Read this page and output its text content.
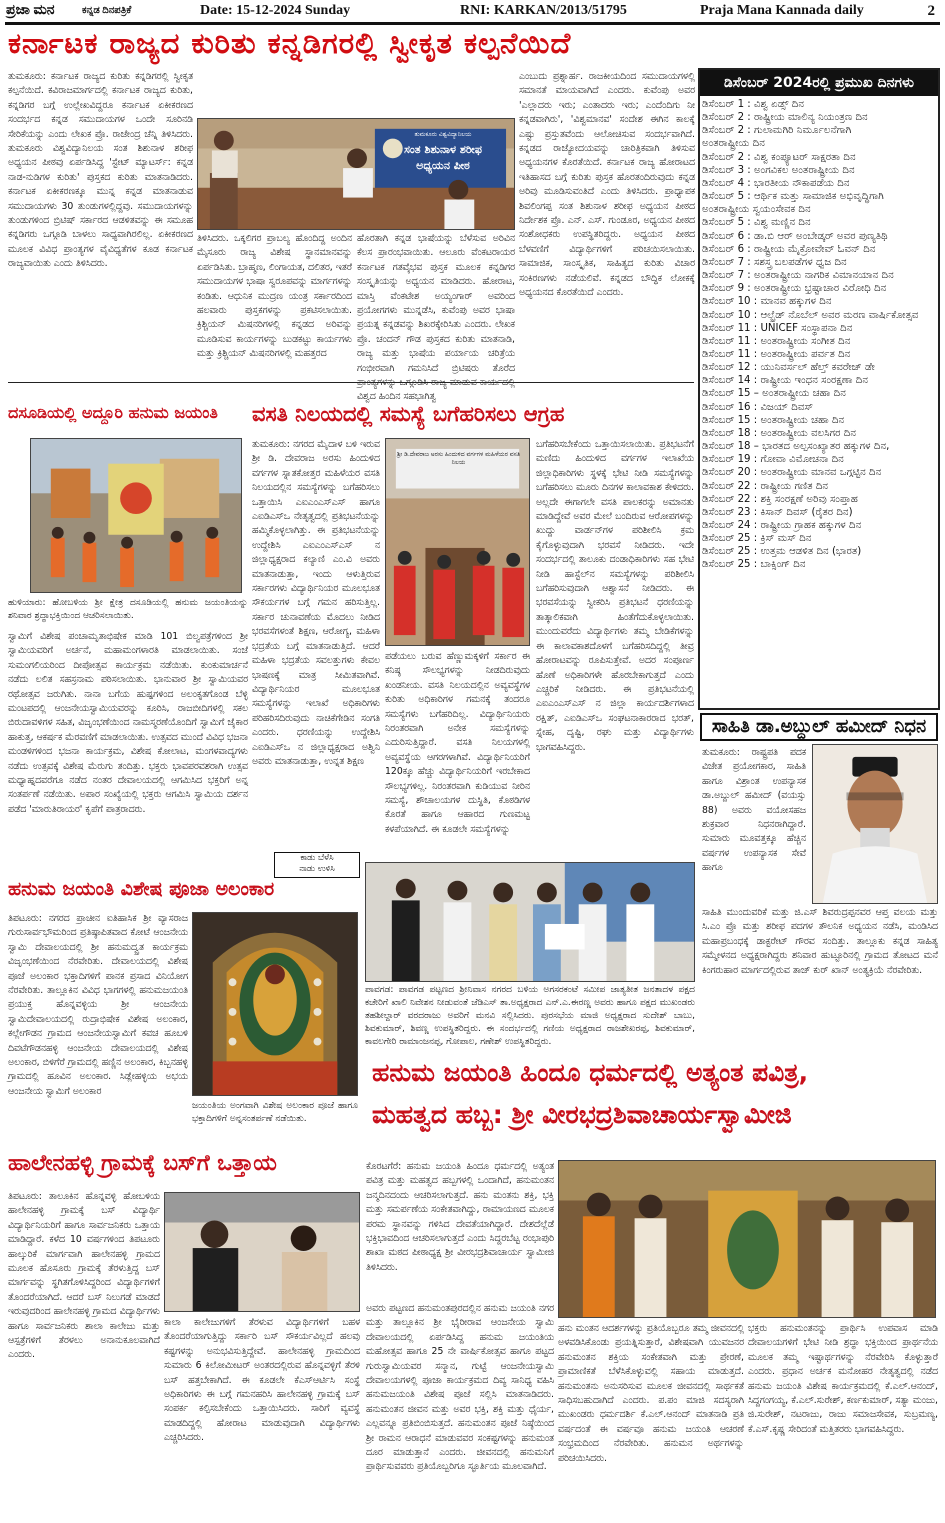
ಪ್ರಜಾ ಮನ	ಕನ್ನಡ ದಿನಪತ್ರಿಕೆ	Date: 15-12-2024 Sunday	RNI: KARKAN/2013/51795	Praja Mana Kannada daily	2
ಕರ್ನಾಟಕ ರಾಜ್ಯದ ಕುರಿತು ಕನ್ನಡಿಗರಲ್ಲಿ ಸ್ವೀಕೃತ ಕಲ್ಪನೆಯಿದೆ
ತುಮಕೂರು: ಕರ್ನಾಟಕ ರಾಜ್ಯದ ಕುರಿತು ಕನ್ನಡಿಗರಲ್ಲಿ ಸ್ವೀಕೃತ ಕಲ್ಪನೆಯಿದೆ. ಕವಿರಾಜಮಾರ್ಗದಲ್ಲಿ ಕರ್ನಾಟಕ ರಾಜ್ಯದ ಕುರಿತು, ಕನ್ನಡಿಗರ ಬಗ್ಗೆ ಉಲ್ಲೇಖವಿದ್ದರೂ ಕರ್ನಾಟಕ ಏಕೀಕರಣದ ಸಂದರ್ಭದ ಕನ್ನಡ ಸಮುದಾಯಗಳ ಒಂದೇ ಸೂರಿನಡಿ ಸೇರಿಕೆಯನ್ನು ಎಂದು ಲೇಖಕ ಪ್ರೊ. ರಾಜೇಂದ್ರ ಚೆನ್ನಿ ತಿಳಿಸಿದರು. ತುಮಕೂರು ವಿಶ್ವವಿದ್ಯಾನಿಲಯ ಸಂತ ಶಿಶುನಾಳ ಶರೀಫ ಅಧ್ಯಯನ ಪೀಠವು ಏರ್ಪಡಿಸಿದ್ದ 'ಸ್ಟೇಟ್ ಮ್ಯಾಟರ್ಸ್: ಕನ್ನಡ ನಾಡ-ನುಡಿಗಳ ಕುರಿತು' ಪುಸ್ತಕದ ಕುರಿತು ಮಾತನಾಡಿದರು. ಕರ್ನಾಟಕ ಏಕೀಕರಣಕ್ಕೂ ಮುನ್ನ ಕನ್ನಡ ಮಾತನಾಡುವ ಸಮುದಾಯಗಳು 30 ತುಂಡುಗಳಲ್ಲಿದ್ದವು. ಸಮುದಾಯಗಳನ್ನು ತುಂಡುಗಳಿಂದ ಬ್ರಿಟಿಷ್ ಸರ್ಕಾರದ ಆಡಳಿತವನ್ನು ಈ ಸಮೂಹ ಕನ್ನಡಿಗರು ಒಗ್ಗೂಡಿ ಬಾಳಲು ಸಾಧ್ಯವಾಗಿರಲಿಲ್ಲ. ಏಕೀಕರಣದ ಮೂಲಕ ವಿವಿಧ ಪ್ರಾಂತ್ಯಗಳ ವೈವಿಧ್ಯತೆಗಳ ಕೂಡ ಕರ್ನಾಟಕ ರಾಜ್ಯವಾಯಿತು ಎಂದು ತಿಳಿಸಿದರು.
ತುಮಕೂರು ವಿಶ್ವವಿದ್ಯಾನಿಲಯ
ಸಂತ ಶಿಶುನಾಳ ಶರೀಫ
ಅಧ್ಯಯನ ಪೀಠ
ತಿಳಿಸಿದರು. ಒಕ್ಕಲಿಗರ ಪ್ರಾಬಲ್ಯ ಹೊಂದಿದ್ದ ಅಂದಿನ ಮೈಸೂರು ರಾಜ್ಯ ವಿಶೇಷ ಸ್ಥಾನಮಾನವನ್ನು ಏರ್ಪಡಿಸಿತು. ಬ್ರಾಹ್ಮಣ, ಲಿಂಗಾಯತ, ದಲಿತರ, ಇತರೆ ಸಮುದಾಯಗಳ ಭಾಷಾ ಸ್ವರೂಪವನ್ನು ಮಾರ್ಗಗಳನ್ನು ಕಂಡಿತು. ಆಧುನಿಕ ಮುದ್ರಣ ಯಂತ್ರ ಸರ್ಕಾರದಿಂದ ಹಲವಾರು ಪುಸ್ತಕಗಳನ್ನು ಪ್ರಕಟಿಸಲಾಯಿತು. ಕ್ರಿಶ್ಚಿಯನ್ ಮಿಷನರಿಗಳಲ್ಲಿ ಕನ್ನಡದ ಅರಿವನ್ನು ಮೂಡಿಸುವ ಕಾರ್ಯಗಳನ್ನು ಬುಡಕಟ್ಟು ಕಾರ್ಯಗಳು ಮತ್ತು ಕ್ರಿಶ್ಚಿಯನ್ ಮಿಷನರಿಗಳಲ್ಲಿ ಮಹತ್ತರದ
ಹೊರತಾಗಿ ಕನ್ನಡ ಭಾಷೆಯನ್ನು ಬೆಳೆಸುವ ಅರಿವಿನ ಕೆಲಸ ಪ್ರಾರಂಭವಾಯಿತು. ಆಲೂರು ವೆಂಕಟರಾಯರ ಕರ್ನಾಟಕ ಗತವೈಭವ ಪುಸ್ತಕ ಮೂಲಕ ಕನ್ನಡಿಗರ ಸಂಸ್ಕೃತಿಯನ್ನು ಅಧ್ಯಯನ ಮಾಡಿದರು. ಹೋರಾಟ, ಮಾಸ್ತಿ ವೆಂಕಟೇಶ ಅಯ್ಯಂಗಾರ್ ಅವರಿಂದ ಪ್ರಯೋಗಗಳು ಮುನ್ನಡೆಸಿ, ಕುವೆಂಪು ಅವರ ಭಾಷಾ ಪ್ರಯತ್ನ ಕನ್ನಡವನ್ನು ಶಿಖರಕ್ಕೇರಿಸಿತು ಎಂದರು. ಲೇಖಕ ಪ್ರೊ. ಚಂದನ್ ಗೌಡ ಪುಸ್ತಕದ ಕುರಿತು ಮಾತನಾಡಿ, ರಾಜ್ಯ ಮತ್ತು ಭಾಷೆಯ ಪರ್ಯಾಯ ಚರಿತ್ರೆಯ ಗಂಭೀರವಾಗಿ ಗಮನಿಸಿದೆ ಬ್ರಿಟಿಷರು ತೊರೆದ ವಿಶ್ವದ ಹಿಂದಿನ ಸಹಭಾಗಿತ್ವ
ಎಂಬುದು ಪ್ರಶ್ನಾರ್ಹ. ರಾಜಕೀಯದಿಂದ ಸಮುದಾಯಗಳಲ್ಲಿ ಸಮಾನತೆ ಮಾಯವಾಗಿದೆ ಎಂದರು. ಕುವೆಂಪು ಅವರ 'ಎಲ್ಲಾದರು ಇರು; ಎಂತಾದರು ಇರು; ಎಂದೆಂದಿಗು ನೀ ಕನ್ನಡವಾಗಿರು', 'ವಿಶ್ವಮಾನವ' ಸಂದೇಶ ಈಗಿನ ಕಾಲಕ್ಕೆ ಎಷ್ಟು ಪ್ರಸ್ತುತವೆಂದು ಆಲೋಚಿಸುವ ಸಂದರ್ಭವಾಗಿದೆ. ಕನ್ನಡದ ರಾಜ್ಯೋದಯವನ್ನು ಚಾರಿತ್ರಿಕವಾಗಿ ತಿಳಿಸುವ ಅಧ್ಯಯನಗಳ ಕೊರತೆಯಿದೆ. ಕರ್ನಾಟಕ ರಾಜ್ಯ ಹೋರಾಟದ ಇತಿಹಾಸದ ಬಗ್ಗೆ ಕುರಿತು ಪುಸ್ತಕ ಹೊರತಂದಿರುವುದು ಕನ್ನಡ ಅರಿವು ಮೂಡಿಸುವಂತಿದೆ ಎಂದು ತಿಳಿಸಿದರು. ಪ್ರಾಧ್ಯಾಪಕ ಶಿವಲಿಂಗಪ್ಪ ಸಂತ ಶಿಶುನಾಳ ಶರೀಫ ಅಧ್ಯಯನ ಪೀಠದ ನಿರ್ದೇಶಕ ಪ್ರೊ. ಎನ್. ಎಸ್. ಗುಂಡೂರ, ಅಧ್ಯಯನ ಪೀಠದ ಸಂಶೋಧಕರು ಉಪಸ್ಥಿತರಿದ್ದರು. ಅಧ್ಯಯನ ಪೀಠದ ಬೆಳವಣಿಗೆ ವಿದ್ಯಾರ್ಥಿಗಳಿಗೆ ಪರಿಚಯಿಸಲಾಯಿತು. ಸಾಮಾಜಿಕ, ಸಾಂಸ್ಕೃತಿಕ, ಸಾಹಿತ್ಯದ ಕುರಿತು ವಿಚಾರ ಸಂಕಿರಣಗಳು ನಡೆಯಲಿವೆ. ಕನ್ನಡದ ಬೌದ್ಧಿಕ ಲೋಕಕ್ಕೆ ಅಧ್ಯಯನದ ಕೊರತೆಯಿದೆ ಎಂದರು.
ಡಿಸೆಂಬರ್ 2024ರಲ್ಲಿ ಪ್ರಮುಖ ದಿನಗಳು
ಡಿಸೆಂಬರ್ 1 : ವಿಶ್ವ ಏಡ್ಸ್ ದಿನ
ಡಿಸೆಂಬರ್ 2 : ರಾಷ್ಟ್ರೀಯ ಮಾಲಿನ್ಯ ನಿಯಂತ್ರಣ ದಿನ
ಡಿಸೆಂಬರ್ 2 : ಗುಲಾಮಗಿರಿ ನಿರ್ಮೂಲನೆಗಾಗಿ
ಅಂತರಾಷ್ಟ್ರೀಯ ದಿನ
ಡಿಸೆಂಬರ್ 2 : ವಿಶ್ವ ಕಂಪ್ಯೂಟರ್ ಸಾಕ್ಷರತಾ ದಿನ
ಡಿಸೆಂಬರ್ 3 : ಅಂಗವಿಕಲ ಅಂತರಾಷ್ಟ್ರೀಯ ದಿನ
ಡಿಸೆಂಬರ್ 4 : ಭಾರತೀಯ ನೌಕಾಪಡೆಯ ದಿನ
ಡಿಸೆಂಬರ್ 5 : ಆರ್ಥಿಕ ಮತ್ತು ಸಾಮಾಜಿಕ ಅಭಿವೃದ್ಧಿಗಾಗಿ
ಅಂತರಾಷ್ಟ್ರೀಯ ಸ್ವಯಂಸೇವಕ ದಿನ
ಡಿಸೆಂಬರ್ 5 : ವಿಶ್ವ ಮಣ್ಣಿನ ದಿನ
ಡಿಸೆಂಬರ್ 6 : ಡಾ.ಬಿ ಆರ್ ಅಂಬೇಡ್ಕರ್ ಅವರ ಪುಣ್ಯತಿಥಿ
ಡಿಸೆಂಬರ್ 6 : ರಾಷ್ಟ್ರೀಯ ಮೈಕ್ರೋವೇವ್ ಓವನ್ ದಿನ
ಡಿಸೆಂಬರ್ 7 : ಸಶಸ್ತ್ರ ಬಲಪಡೆಗಳ ಧ್ವಜ ದಿನ
ಡಿಸೆಂಬರ್ 7 : ಅಂತರಾಷ್ಟ್ರೀಯ ನಾಗರಿಕ ವಿಮಾನಯಾನ ದಿನ
ಡಿಸೆಂಬರ್ 9 : ಅಂತರಾಷ್ಟ್ರೀಯ ಭ್ರಷ್ಟಾಚಾರ ವಿರೋಧಿ ದಿನ
ಡಿಸೆಂಬರ್ 10 : ಮಾನವ ಹಕ್ಕುಗಳ ದಿನ
ಡಿಸೆಂಬರ್ 10 : ಆಲ್ಫ್ರೆಡ್ ನೊಬೆಲ್ ಅವರ ಮರಣ ವಾರ್ಷಿಕೋತ್ಸವ
ಡಿಸೆಂಬರ್ 11 : UNICEF ಸಂಸ್ಥಾಪನಾ ದಿನ
ಡಿಸೆಂಬರ್ 11 : ಅಂತರಾಷ್ಟ್ರೀಯ ಸಂಗೀತ ದಿನ
ಡಿಸೆಂಬರ್ 11 : ಅಂತರಾಷ್ಟ್ರೀಯ ಪರ್ವತ ದಿನ
ಡಿಸೆಂಬರ್ 12 : ಯುನಿವರ್ಸಲ್ ಹೆಲ್ತ್ ಕವರೇಜ್ ಡೇ
ಡಿಸೆಂಬರ್ 14 : ರಾಷ್ಟ್ರೀಯ ಇಂಧನ ಸಂರಕ್ಷಣಾ ದಿನ
ಡಿಸೆಂಬರ್ 15 – ಅಂತರಾಷ್ಟ್ರೀಯ ಚಹಾ ದಿನ
ಡಿಸೆಂಬರ್ 16 : ವಿಜಯ್ ದಿವಸ್
ಡಿಸೆಂಬರ್ 15 : ಅಂತರಾಷ್ಟ್ರೀಯ ಚಹಾ ದಿನ
ಡಿಸೆಂಬರ್ 18 : ಅಂತರಾಷ್ಟ್ರೀಯ ವಲಸಿಗರ ದಿನ
ಡಿಸೆಂಬರ್ 18 – ಭಾರತದ ಅಲ್ಪಸಂಖ್ಯಾತರ ಹಕ್ಕುಗಳ ದಿನ,
ಡಿಸೆಂಬರ್ 19 : ಗೋವಾ ವಿಮೋಚನಾ ದಿನ
ಡಿಸೆಂಬರ್ 20 : ಅಂತರಾಷ್ಟ್ರೀಯ ಮಾನವ ಒಗ್ಗಟ್ಟಿನ ದಿನ
ಡಿಸೆಂಬರ್ 22 : ರಾಷ್ಟ್ರೀಯ ಗಣಿತ ದಿನ
ಡಿಸೆಂಬರ್ 22 : ಶಕ್ತಿ ಸಂರಕ್ಷಣೆ ಅರಿವು ಸಂಪ್ತಾಹ
ಡಿಸೆಂಬರ್ 23 : ಕಿಸಾನ್ ದಿವಸ್ (ರೈತರ ದಿನ)
ಡಿಸೆಂಬರ್ 24 : ರಾಷ್ಟ್ರೀಯ ಗ್ರಾಹಕ ಹಕ್ಕುಗಳ ದಿನ
ಡಿಸೆಂಬರ್ 25 : ಕ್ರಿಸ್ ಮಸ್ ದಿನ
ಡಿಸೆಂಬರ್ 25 : ಉತ್ತಮ ಆಡಳಿತ ದಿನ (ಭಾರತ)
ಡಿಸೆಂಬರ್ 25 : ಬಾಕ್ಸಿಂಗ್ ದಿನ
ಸಾಹಿತಿ ಡಾ.ಅಬ್ದುಲ್ ಹಮೀದ್ ನಿಧನ
ತುಮಕೂರು: ರಾಷ್ಟ್ರಪತಿ ಪದಕ ವಿಜೇತ ಪ್ರಯೋಗಕಾರ, ಸಾಹಿತಿ ಹಾಗೂ ವಿಶ್ರಾಂತ ಉಪನ್ಯಾಸಕ ಡಾ.ಅಬ್ದುಲ್ ಹಮೀದ್ (ವಯಸ್ಸು 88) ಅವರು ವಯೋಸಹಜ ಶುಕ್ರವಾರ ನಿಧನರಾಗಿದ್ದಾರೆ. ಸುಮಾರು ಮೂವತ್ತಕ್ಕೂ ಹೆಚ್ಚಿನ ವರ್ಷಗಳ ಉಪನ್ಯಾಸಕ ಸೇವೆ ಹಾಗೂ
ಸಾಹಿತಿ ಮುಂದುವರಿಕೆ ಮತ್ತು ಜಿ.ಎಸ್ ಶಿವರುದ್ರಪ್ಪನವರ ಆಪ್ತ ವಲಯ ಮತ್ತು ಸಿ.ಎಂ ಪ್ರೊ ಮತ್ತು ಶರೀಫ ಪದಗಳ ತೌಲನಿಕ ಅಧ್ಯಯನ ನಡೆಸಿ, ಮಂಡಿಸಿದ ಮಹಾಪ್ರಬಂಧಕ್ಕೆ ಡಾಕ್ಟರೇಟ್ ಗೌರವ ಸಂದಿತ್ತು. ತಾಲ್ಲೂಕು ಕನ್ನಡ ಸಾಹಿತ್ಯ ಸಮ್ಮೇಳನದ ಅಧ್ಯಕ್ಷರಾಗಿದ್ದರು ಶನಿವಾರ ಹುಟ್ಟೂರಿನಲ್ಲಿ ಗ್ರಾಮದ ತೋಟದ ಮನೆ ಕಿಂಗರುಹಾರ ಮಾರ್ಗದಲ್ಲಿರುವ ತಾಜ್ ಕುರ್ ಖಾನ್ ಅಂತ್ಯಕ್ರಿಯೆ ನೆರವೇರಿತು.
ದಸೂಡಿಯಲ್ಲಿ ಅದ್ದೂರಿ ಹನುಮ ಜಯಂತಿ
ಹುಳಿಯಾರು: ಹೋಬಳಿಯ ಶ್ರೀ ಕ್ಷೇತ್ರ ದಸೂಡಿಯಲ್ಲಿ ಹನುಮ ಜಯಂತಿಯನ್ನು ಶನಿವಾರ ಶ್ರದ್ಧಾಭಕ್ತಿಯಿಂದ ಆಚರಿಸಲಾಯಿತು.
ಸ್ವಾಮಿಗೆ ವಿಶೇಷ ಪಂಚಾಮೃತಾಭಿಷೇಕ ಮಾಡಿ 101 ಬಿಲ್ವಪತ್ರೆಗಳಿಂದ ಶ್ರೀ ಸ್ವಾಮಿಯವರಿಗೆ ಅರ್ಚನೆ, ಮಹಾಮಂಗಳಾರತಿ ಮಾಡಲಾಯಿತು. ಸಂಜೆ ಸುಮಂಗಲಿಯರಿಂದ ದೀಪೋತ್ಸವ ಕಾರ್ಯಕ್ರಮ ನಡೆಯಿತು. ಕುಂಕುಮಾರ್ಚನೆ ನಡೆದು ಲಲಿತ ಸಹಸ್ರನಾಮ ಪಠಿಸಲಾಯಿತು. ಭಾನುವಾರ ಶ್ರೀ ಸ್ವಾಮಿಯವರ ರಥೋತ್ಸವ ಜರುಗಿತು. ನಾನಾ ಬಗೆಯ ಹುಷ್ಪಗಳಿಂದ ಅಲಂಕೃತಗೊಂಡ ಬೆಳ್ಳಿ ಮಂಟಪದಲ್ಲಿ ಆಂಜನೇಯಸ್ವಾಮಿಯವರನ್ನು ಕೂರಿಸಿ, ರಾಜಬೀದಿಗಳಲ್ಲಿ ಸಕಲ ಬಿರುದಾವಳಿಗಳ ಸಹಿತ, ವಿಜೃಂಭಣೆಯಿಂದ ನಾಮಸ್ಮರಣೆಯೊಂದಿಗೆ ಸ್ವಾಮಿಗೆ ಜೈಕಾರ ಹಾಕುತ್ತ, ಆಕರ್ಷಕ ಮೆರವಣಿಗೆ ಮಾಡಲಾಯಿತು. ಉತ್ಸವದ ಮುಂದೆ ವಿವಿಧ ಭಜನಾ ಮಂಡಳಿಗಳಿಂದ ಭಜನಾ ಕಾರ್ಯಕ್ರಮ, ವಿಶೇಷ ಕೋಲಾಟ, ಮಂಗಳವಾದ್ಯಗಳು ನಡೆದು ಉತ್ಸವಕ್ಕೆ ವಿಶೇಷ ಮೆರುಗು ತಂದಿತ್ತು. ಭಕ್ತರು ಭಾವಪರವಶರಾಗಿ ಉತ್ಸವ ಮಧ್ಯಾಹ್ನದವರೆಗೂ ನಡೆದ ನಂತರ ದೇವಾಲಯದಲ್ಲಿ ಆಗಮಿಸಿದ ಭಕ್ತರಿಗೆ ಅನ್ನ ಸಂತರ್ಪಣೆ ನಡೆಯಿತು. ಅಪಾರ ಸಂಖ್ಯೆಯಲ್ಲಿ ಭಕ್ತರು ಆಗಮಿಸಿ ಸ್ವಾಮಿಯ ದರ್ಶನ ಪಡೆದ 'ಮಾರುತಿರಾಯರ' ಕೃಪೆಗೆ ಪಾತ್ರರಾದರು.
ವಸತಿ ನಿಲಯದಲ್ಲಿ ಸಮಸ್ಯೆ ಬಗೆಹರಿಸಲು ಆಗ್ರಹ
ತುಮಕೂರು: ನಗರದ ಮೈದಾಳ ಬಳಿ ಇರುವ ಶ್ರೀ ಡಿ. ದೇವರಾಜ ಅರಸು ಹಿಂದುಳಿದ ವರ್ಗಗಳ ಸ್ನಾತಕೋತ್ತರ ಮಹಿಳೆಯರ ವಸತಿ ನಿಲಯದಲ್ಲಿನ ಸಮಸ್ಯೆಗಳನ್ನು ಬಗೆಹರಿಸಲು ಒತ್ತಾಯಿಸಿ ಎಐಎಂಎಸ್ಎಸ್ ಹಾಗೂ ಎಐಡಿಎಸ್‌ಒ ನೇತೃತ್ವದಲ್ಲಿ ಪ್ರತಿಭಟನೆಯನ್ನು ಹಮ್ಮಿಕೊಳ್ಳಲಾಗಿತ್ತು. ಈ ಪ್ರತಿಭಟನೆಯನ್ನು ಉದ್ದೇಶಿಸಿ ಎಐಎಂಎಸ್‌ಎಸ್ ನ ಜಿಲ್ಲಾಧ್ಯಕ್ಷರಾದ ಕಲ್ಯಾಣಿ ಎಂ.ವಿ ಅವರು ಮಾತನಾಡುತ್ತಾ, ಇಂದು ಆಳುತ್ತಿರುವ ಸರ್ಕಾರಗಳು ವಿದ್ಯಾರ್ಥಿನಿಯರ ಮೂಲಭೂತ ಸೌಕರ್ಯಗಳ ಬಗ್ಗೆ ಗಮನ ಹರಿಸುತ್ತಿಲ್ಲ. ಸರ್ಕಾರ ಚುನಾವಣೆಯ ಮೊದಲು ನೀಡಿದ ಭರವಸೆಗಳಂತೆ ಶಿಕ್ಷಣ, ಆರೋಗ್ಯ, ಮಹಿಳಾ ಭದ್ರತೆಯ ಬಗ್ಗೆ ಮಾತನಾಡುತ್ತಿದೆ. ಆದರೆ ಮಹಿಳಾ ಭದ್ರತೆಯ ಸವಲತ್ತುಗಳು ಕೇವಲ ಭಾಷಣಕ್ಕೆ ಮಾತ್ರ ಸೀಮಿತವಾಗಿವೆ. ವಿದ್ಯಾರ್ಥಿನಿಯರ ಮೂಲಭೂತ ಸಮಸ್ಯೆಗಳನ್ನು ಇಲಾಖೆ ಅಧಿಕಾರಿಗಳು ಪರಿಹರಿಸದಿರುವುದು ನಾಚಿಕೆಗೇಡಿನ ಸಂಗತಿ ಎಂದರು. ಧರಣಿಯನ್ನು ಉದ್ದೇಶಿಸಿ ಎಐಡಿಎಸ್‌ಒ ನ ಜಿಲ್ಲಾಧ್ಯಕ್ಷರಾದ ಅಶ್ವಿನಿ ಅವರು ಮಾತನಾಡುತ್ತಾ, ಉನ್ನತ ಶಿಕ್ಷಣ
ಶ್ರೀ ಡಿ.ದೇವರಾಜ ಅರಸು ಹಿಂದುಳಿದ ವರ್ಗಗಳ ಮಹಿಳೆಯರ ವಸತಿ ನಿಲಯ
ಪಡೆಯಲು ಬರುವ ಹೆಣ್ಣುಮಕ್ಕಳಿಗೆ ಸರ್ಕಾರ ಈ ಕನಿಷ್ಠ ಸೌಲಭ್ಯಗಳನ್ನು ನೀಡದಿರುವುದು ಖಂಡನೀಯ. ವಸತಿ ನಿಲಯದಲ್ಲಿನ ಅವ್ಯವಸ್ಥೆಗಳ ಕುರಿತು ಅಧಿಕಾರಿಗಳ ಗಮನಕ್ಕೆ ತಂದರೂ ಸಮಸ್ಯೆಗಳು ಬಗೆಹರಿದಿಲ್ಲ. ವಿದ್ಯಾರ್ಥಿನಿಯರು ನಿರಂತರವಾಗಿ ಅನೇಕ ಸಮಸ್ಯೆಗಳನ್ನು ಎದುರಿಸುತ್ತಿದ್ದಾರೆ. ವಸತಿ ನಿಲಯಗಳಲ್ಲಿ ಅವ್ಯವಸ್ಥೆಯ ಆಗರಗಳಾಗಿವೆ. ವಿದ್ಯಾರ್ಥಿನಿಯರಿಗೆ 120ಕ್ಕೂ ಹೆಚ್ಚು ವಿದ್ಯಾರ್ಥಿನಿಯರಿಗೆ ಇರಬೇಕಾದ ಸೌಲಭ್ಯಗಳಿಲ್ಲ. ನಿರಂತರವಾಗಿ ಕುಡಿಯುವ ನೀರಿನ ಸಮಸ್ಯೆ, ಶೌಚಾಲಯಗಳ ದುಸ್ಥಿತಿ, ಕೊಠಡಿಗಳ ಕೊರತೆ ಹಾಗೂ ಆಹಾರದ ಗುಣಮಟ್ಟ ಕಳಪೆಯಾಗಿದೆ. ಈ ಕೂಡಲೇ ಸಮಸ್ಯೆಗಳನ್ನು
ಬಗೆಹರಿಸಬೇಕೆಂದು ಒತ್ತಾಯಿಸಲಾಯಿತು. ಪ್ರತಿಭಟನೆಗೆ ಮಣಿದು ಹಿಂದುಳಿದ ವರ್ಗಗಳ ಇಲಾಖೆಯ ಜಿಲ್ಲಾಧಿಕಾರಿಗಳು ಸ್ಥಳಕ್ಕೆ ಭೇಟಿ ನೀಡಿ ಸಮಸ್ಯೆಗಳನ್ನು ಬಗೆಹರಿಸಲು ಮೂರು ದಿನಗಳ ಕಾಲಾವಕಾಶ ಕೇಳಿದರು. ಅಲ್ಲದೇ ಈಗಾಗಲೇ ವಸತಿ ಪಾಲಕರನ್ನು ಅಮಾನತು ಮಾಡಿದ್ದೇವೆ ಅವರ ಮೇಲೆ ಬಂದಿರುವ ಆರೋಪಗಳನ್ನು ಖುದ್ದು ವಾರ್ಡನ್‌ಗಳ ಪರಿಶೀಲಿಸಿ ಕ್ರಮ ಕೈಗೊಳ್ಳುವುದಾಗಿ ಭರವಸೆ ನೀಡಿದರು. ಇದೇ ಸಂದರ್ಭದಲ್ಲಿ ತಾಲೂಕು ದಂಡಾಧಿಕಾರಿಗಳು ಸಹ ಭೇಟಿ ನೀಡಿ ಹಾಸ್ಟೆಲ್‌ನ ಸಮಸ್ಯೆಗಳನ್ನು ಪರಿಶೀಲಿಸಿ ಬಗೆಹರಿಸುವುದಾಗಿ ಆಶ್ವಾಸನೆ ನೀಡಿದರು. ಈ ಭರವಸೆಯನ್ನು ಸ್ವೀಕರಿಸಿ ಪ್ರತಿಭಟನೆ ಧರಣಿಯನ್ನು ತಾತ್ಕಾಲಿಕವಾಗಿ ಹಿಂತೆಗೆದುಕೊಳ್ಳಲಾಯಿತು. ಮುಂದುವರೆದು ವಿದ್ಯಾರ್ಥಿಗಳು ತಮ್ಮ ಬೇಡಿಕೆಗಳನ್ನು ಈ ಕಾಲಾವಕಾಶದೊಳಗೆ ಬಗೆಹರಿಸದಿದ್ದಲ್ಲಿ ತೀವ್ರ ಹೋರಾಟವನ್ನು ರೂಪಿಸುತ್ತೇವೆ. ಅದರ ಸಂಪೂರ್ಣ ಹೊಣೆ ಅಧಿಕಾರಿಗಳೇ ಹೊರಬೇಕಾಗುತ್ತದೆ ಎಂದು ಎಚ್ಚರಿಕೆ ನೀಡಿದರು. ಈ ಪ್ರತಿಭಟನೆಯಲ್ಲಿ ಎಐಎಂಎಸ್‌ಎಸ್ ನ ಜಿಲ್ಲಾ ಕಾರ್ಯದರ್ಶಿಗಳಾದ ರಕ್ಷಿತ್, ಎಐಡಿಎಸ್‌ಒ ಸಂಘಟನಾಕಾರರಾದ ಭರತ್, ಸ್ನೇಹ, ದೃಷ್ಟಿ, ರಘು ಮತ್ತು ವಿದ್ಯಾರ್ಥಿಗಳು ಭಾಗವಹಿಸಿದ್ದರು.
ಕಾಡು ಬೆಳೆಸಿ
ನಾಡು ಉಳಿಸಿ
ಹನುಮ ಜಯಂತಿ ವಿಶೇಷ ಪೂಜಾ ಅಲಂಕಾರ
ತಿಪಟೂರು: ನಗರದ ಪ್ರಾಚೀನ ಐತಿಹಾಸಿಕ ಶ್ರೀ ವ್ಯಾಸರಾಜ ಗುರುಸಾರ್ವಭೌಮರಿಂದ ಪ್ರತಿಷ್ಠಾಪಿತವಾದ ಕೋಟೆ ಆಂಜನೇಯ ಸ್ವಾಮಿ ದೇವಾಲಯದಲ್ಲಿ ಶ್ರೀ ಹನುಮದ್ವ್ರತ ಕಾರ್ಯಕ್ರಮ ವಿಜೃಂಭಣೆಯಿಂದ ನೆರವೇರಿತು. ದೇವಾಲಯದಲ್ಲಿ ವಿಶೇಷ ಪೂಜೆ ಅಲಂಕಾರ ಭಕ್ತಾದಿಗಳಿಗೆ ಪಾನಕ ಪ್ರಸಾದ ವಿನಿಯೋಗ ನೆರವೇರಿತು. ತಾಲ್ಲೂಕಿನ ವಿವಿಧ ಭಾಗಗಳಲ್ಲಿ ಹನುಮಜಯಂತಿ ಪ್ರಯುಕ್ತ ಹೊನ್ನವಳ್ಳಿಯ ಶ್ರೀ ಆಂಜನೇಯ ಸ್ವಾಮಿದೇವಾಲಯದಲ್ಲಿ ರುದ್ರಾಭಿಷೇಕ ವಿಶೇಷ ಅಲಂಕಾರ, ಕಲ್ಲೇಗೌಡನ ಗ್ರಾಮದ ಆಂಜನೇಯಸ್ವಾಮಿಗೆ ಕವಚ ಹೂಬಳಿ ದಿವಟೆಗೌಡನಹಳ್ಳಿ ಆಂಜನೇಯ ದೇವಾಲಯದಲ್ಲಿ ವಿಶೇಷ ಅಲಂಕಾರ, ಬಿಳಿಗೆರೆ ಗ್ರಾಮದಲ್ಲಿ ಹಣ್ಣಿನ ಅಲಂಕಾರ, ಕಿಬ್ಬನಹಳ್ಳಿ ಗ್ರಾಮದಲ್ಲಿ ಹೂವಿನ ಅಲಂಕಾರ. ಸಿಡ್ಲೇಹಳ್ಳಿಯ ಅಭಯ ಆಂಜನೇಯ ಸ್ವಾಮಿಗೆ ಅಲಂಕಾರ
ಜಯಂತಿಯ ಅಂಗವಾಗಿ ವಿಶೇಷ ಅಲಂಕಾರ ಪೂಜೆ ಹಾಗೂ ಭಕ್ತಾದಿಗಳಿಗೆ ಅನ್ನಸಂತರ್ಪಣೆ ನಡೆಯಿತು.
ಪಾವಗಡ: ಪಾವಗಡ ಪಟ್ಟಣದ ಶ್ರೀನಿವಾಸ ನಗರದ ಬಳಿಯ ಅಗಸರಕಂಟೆ ಸಮೀಪ ಜಾತ್ಯತೀತ ಜನತಾದಳ ಪಕ್ಷದ ಕಚೇರಿಗೆ ಖಾಲಿ ನಿವೇಶನ ನೀಡುವಂತೆ ಜೆಡಿಎಸ್ ತಾ.ಅಧ್ಯಕ್ಷರಾದ ಎನ್.ಎ.ಈರಣ್ಣ ಅವರು ಹಾಗೂ ಪಕ್ಷದ ಮುಖಂಡರು ತಹಶೀಲ್ದಾರ್ ವರದರಾಜು ಅವರಿಗೆ ಮನವಿ ಸಲ್ಲಿಸಿದರು. ಪುರಸಭೆಯ ಮಾಜಿ ಅಧ್ಯಕ್ಷರಾದ ಸುದೇಶ್ ಬಾಬು, ಶಿವಕುಮಾರ್, ಶಿವಣ್ಣ ಉಪಸ್ಥಿತರಿದ್ದರು. ಈ ಸಂದರ್ಭದಲ್ಲಿ ಗಣಿಯ ಅಧ್ಯಕ್ಷರಾದ ರಾಜಶೇಖರಪ್ಪ, ಶಿವಕುಮಾರ್, ಕಾವಲಗೇರಿ ರಾಮಾಂಜನಪ್ಪ, ಗೋಪಾಲ, ಗಣೇಶ್ ಉಪಸ್ಥಿತರಿದ್ದರು.
ಹನುಮ ಜಯಂತಿ ಹಿಂದೂ ಧರ್ಮದಲ್ಲಿ ಅತ್ಯಂತ ಪವಿತ್ರ,
ಮಹತ್ವದ ಹಬ್ಬ: ಶ್ರೀ ವೀರಭದ್ರಶಿವಾಚಾರ್ಯಸ್ವಾಮೀಜಿ
ಕೊರಟಗೆರೆ: ಹನುಮ ಜಯಂತಿ ಹಿಂದೂ ಧರ್ಮದಲ್ಲಿ ಅತ್ಯಂತ ಪವಿತ್ರ ಮತ್ತು ಮಹತ್ವದ ಹಬ್ಬಗಳಲ್ಲಿ ಒಂದಾಗಿದೆ, ಹನುಮಂತನ ಜನ್ಮದಿನದಂದು ಆಚರಿಸಲಾಗುತ್ತದೆ. ಹನು ಮಂತನು ಶಕ್ತಿ, ಭಕ್ತಿ ಮತ್ತು ಸಮರ್ಪಣೆಯ ಸಂಕೇತವಾಗಿದ್ದು, ರಾಮಾಯಣದ ಮೂಲಕ ಪರಮ ಸ್ಥಾನವನ್ನು ಗಳಿಸಿದ ದೇವತೆಯಾಗಿದ್ದಾರೆ. ದೇಶದೆಲ್ಲೆಡೆ ಭಕ್ತಿಭಾವದಿಂದ ಆಚರಿಸಲಾಗುತ್ತದೆ ಎಂದು ಸಿದ್ದರಬೆಟ್ಟ ರಂಭಾಪುರಿ ಶಾಖಾ ಮಠದ ಪೀಠಾಧ್ಯಕ್ಷ ಶ್ರೀ ವೀರಭದ್ರಶಿವಾಚಾರ್ಯ ಸ್ವಾಮೀಜಿ ತಿಳಿಸಿದರು.
ಅವರು ಪಟ್ಟಣದ ಹನುಮಂತಪುರದಲ್ಲಿನ ಹನುಮ ಜಯಂತಿ ನಗರ ಮತ್ತು ತಾಲ್ಲೂಕಿನ ಶ್ರೀ ಭೈರೀರಾವ ಆಂಜನೇಯ ಸ್ವಾಮಿ ದೇವಾಲಯದಲ್ಲಿ ಏರ್ಪಡಿಸಿದ್ದ ಹನುಮ ಜಯಂತಿಯ ಮಹೋತ್ಸವ ಹಾಗೂ 25 ನೇ ವಾರ್ಷಿಕೋತ್ಸವ ಹಾಗೂ ಪಟ್ಟದ ಗುರುಸ್ವಾಮಿಯವರ ಸನ್ಮಾನ, ಗುಟ್ಟೆ ಆಂಜನೇಯಸ್ವಾಮಿ ದೇವಾಲಯಗಳಲ್ಲಿ ಪೂಜಾ ಕಾರ್ಯಕ್ರಮದ ದಿವ್ಯ ಸಾನಿಧ್ಯ ವಹಿಸಿ ಹನುಮಜಯಂತಿ ವಿಶೇಷ ಪೂಜೆ ಸಲ್ಲಿಸಿ ಮಾತನಾಡಿದರು. ಹನುಮಂತನ ಜೀವನ ಮತ್ತು ಅವರ ಭಕ್ತಿ, ಶಕ್ತಿ ಮತ್ತು ಧೈರ್ಯ, ಎಲ್ಲವನ್ನೂ ಪ್ರತಿಬಿಂಬಿಸುತ್ತದೆ. ಹನುಮಂತನ ಪೂಜೆ ನಿಷ್ಠೆಯಿಂದ ಶ್ರೀ ರಾಮನ ಆರಾಧನೆ ಮಾಡುವವರ ಸಂಕಷ್ಟಗಳನ್ನು ಹನುಮಂತ ದೂರ ಮಾಡುತ್ತಾನೆ ಎಂದರು. ಜೀವನದಲ್ಲಿ ಹನುಮನಿಗೆ ಪ್ರಾರ್ಥಿಸುವವರು ಪ್ರತಿಯೊಬ್ಬರಿಗೂ ಸ್ಫೂರ್ತಿಯ ಮೂಲವಾಗಿದೆ.
ಹನು ಮಂತನ ಆದರ್ಶಗಳನ್ನು ಪ್ರತಿಯೊಬ್ಬರೂ ತಮ್ಮ ಜೀವನದಲ್ಲಿ ಅಳವಡಿಸಿಕೊಂಡು ಪ್ರಯತ್ನಿಸುತ್ತಾರೆ, ವಿಶೇಷವಾಗಿ ಯುವಜನರ ಹನುಮಂತನ ಶಕ್ತಿಯ ಸಂಕೇತವಾಗಿ ಮತ್ತು ಪ್ರೇರಣೆ, ಪ್ರಾಮಾಣಿಕತೆ ಬೆಳೆಸಿಕೊಳ್ಳುವಲ್ಲಿ ಸಹಾಯ ಮಾಡುತ್ತದೆ. ಹನುಮಂತನು ಅನುಸರಿಸುವ ಮೂಲಕ ಜೀವನದಲ್ಲಿ ಸಾರ್ಥಕತೆ ಸಾಧಿಸಬಹುದಾಗಿದೆ ಎಂದರು. ಪ.ಪಂ ಮಾಜಿ ಸದಸ್ಯರಾಗಿ ಮುಖಂಡರು ಧರ್ಮದರ್ಶಿ ಕೆ.ಎಲ್.ಆನಂದ್ ಮಾತನಾಡಿ ಪ್ರತಿ ವರ್ಷದಂತೆ ಈ ವರ್ಷವೂ ಹನುಮ ಜಯಂತಿ ಆಚರಣೆ ಸಂಭ್ರಮದಿಂದ ನೆರವೇರಿತು. ಹನುಮನ ಅರ್ಥಗಳನ್ನು ಪರಿಚಯಿಸಿದರು.
ಭಕ್ತರು ಹನುಮಂತನನ್ನು ಪ್ರಾರ್ಥಿಸಿ ಉಪವಾಸ ಮಾಡಿ ದೇವಾಲಯಗಳಿಗೆ ಭೇಟಿ ನೀಡಿ ಶ್ರದ್ಧಾ ಭಕ್ತಿಯಿಂದ ಪ್ರಾರ್ಥನೆಯ ಮೂಲಕ ತಮ್ಮ ಇಷ್ಟಾರ್ಥಗಳನ್ನು ನೆರವೇರಿಸಿ ಕೊಳ್ಳುತ್ತಾರೆ ಎಂದರು. ಪ್ರಧಾನ ಅರ್ಚಕ ಮನೋಹರ ನೇತೃತ್ವದಲ್ಲಿ ನಡೆದ ಹನುಮ ಜಯಂತಿ ವಿಶೇಷ ಕಾರ್ಯಕ್ರಮದಲ್ಲಿ ಕೆ.ಎಲ್.ಆನಂದ್, ಸಿದ್ದಗಂಗಯ್ಯ, ಕೆ.ಎಲ್.ಸುರೇಶ್, ಕರ್ಣಕುಮಾರ್, ಸತ್ಯಾ ಮಂಜು, ಜಿ.ಸುರೇಶ್, ನಟರಾಜು, ರಾಜು ಸಮಾಜಸೇವಕ, ಸುಬ್ರಮಣ್ಯ, ಕೆ.ಎಸ್.ಕೃಷ್ಣ ಸೇರಿದಂತೆ ಮತ್ತಿತರರು ಭಾಗವಹಿಸಿದ್ದರು.
ಹಾಲೇನಹಳ್ಳಿ ಗ್ರಾಮಕ್ಕೆ ಬಸ್‌ಗೆ ಒತ್ತಾಯ
ತಿಪಟೂರು: ತಾಲೂಕಿನ ಹೊನ್ನವಳ್ಳಿ ಹೋಬಳಿಯ ಹಾಲೇನಹಳ್ಳಿ ಗ್ರಾಮಕ್ಕೆ ಬಸ್ ವಿದ್ಯಾರ್ಥಿ ವಿದ್ಯಾರ್ಥಿನಿಯರಿಗೆ ಹಾಗೂ ಸಾರ್ವಜನಿಕರು ಒತ್ತಾಯ ಮಾಡಿದ್ದಾರೆ. ಕಳೆದ 10 ವರ್ಷಗಳಿಂದ ತಿಪಟೂರು ಹಾಲ್ಕುರಿಕೆ ಮಾರ್ಗವಾಗಿ ಹಾಲೇನಹಳ್ಳಿ ಗ್ರಾಮದ ಮೂಲಕ ಹೊಸೂರು ಗ್ರಾಮಕ್ಕೆ ತೆರಳುತ್ತಿದ್ದ ಬಸ್ ಮಾರ್ಗವನ್ನು ಸ್ಥಗಿತಗೊಳಿಸಿದ್ದರಿಂದ ವಿದ್ಯಾರ್ಥಿಗಳಿಗೆ ತೊಂದರೆಯಾಗಿದೆ. ಆದರೆ ಬಸ್ ನಿಲುಗಡೆ ಮಾಡದೆ ಇರುವುದರಿಂದ ಹಾಲೇನಹಳ್ಳಿ ಗ್ರಾಮದ ವಿದ್ಯಾರ್ಥಿಗಳು ಹಾಗೂ ಸಾರ್ವಜನಿಕರು ಶಾಲಾ ಕಾಲೇಜು ಮತ್ತು ಆಸ್ಪತ್ರೆಗಳಿಗೆ ತೆರಳಲು ಅನಾನುಕೂಲವಾಗಿದೆ ಎಂದರು.
ಕಾಲಾ ಕಾಲೇಜುಗಳಿಗೆ ತೆರಳುವ ವಿದ್ಯಾರ್ಥಿಗಳಿಗೆ ಬಹಳ ತೊಂದರೆಯಾಗುತ್ತಿದ್ದು ಸರ್ಕಾರಿ ಬಸ್ ಸೌಕರ್ಯವಿಲ್ಲದೆ ಹಲವು ಕಷ್ಟಗಳನ್ನು ಅನುಭವಿಸುತ್ತಿದ್ದೇವೆ. ಹಾಲೇನಹಳ್ಳಿ ಗ್ರಾಮದಿಂದ ಸುಮಾರು 6 ಕಿಲೋಮೀಟರ್ ಅಂತರದಲ್ಲಿರುವ ಹೊನ್ನವಳ್ಳಿಗೆ ತೆರಳಿ ಬಸ್ ಹತ್ತಬೇಕಾಗಿದೆ. ಈ ಕೂಡಲೇ ಕೆಎಸ್ಆರ್ಟಿಸಿ ಸಂಸ್ಥೆ ಅಧಿಕಾರಿಗಳು ಈ ಬಗ್ಗೆ ಗಮನಹರಿಸಿ ಹಾಲೇನಹಳ್ಳಿ ಗ್ರಾಮಕ್ಕೆ ಬಸ್ ಸಂಪರ್ಕ ಕಲ್ಪಿಸಬೇಕೆಂದು ಒತ್ತಾಯಿಸಿದರು. ಸಾರಿಗೆ ವ್ಯವಸ್ಥೆ ಮಾಡದಿದ್ದಲ್ಲಿ ಹೋರಾಟ ಮಾಡುವುದಾಗಿ ವಿದ್ಯಾರ್ಥಿಗಳು ಎಚ್ಚರಿಸಿದರು.
